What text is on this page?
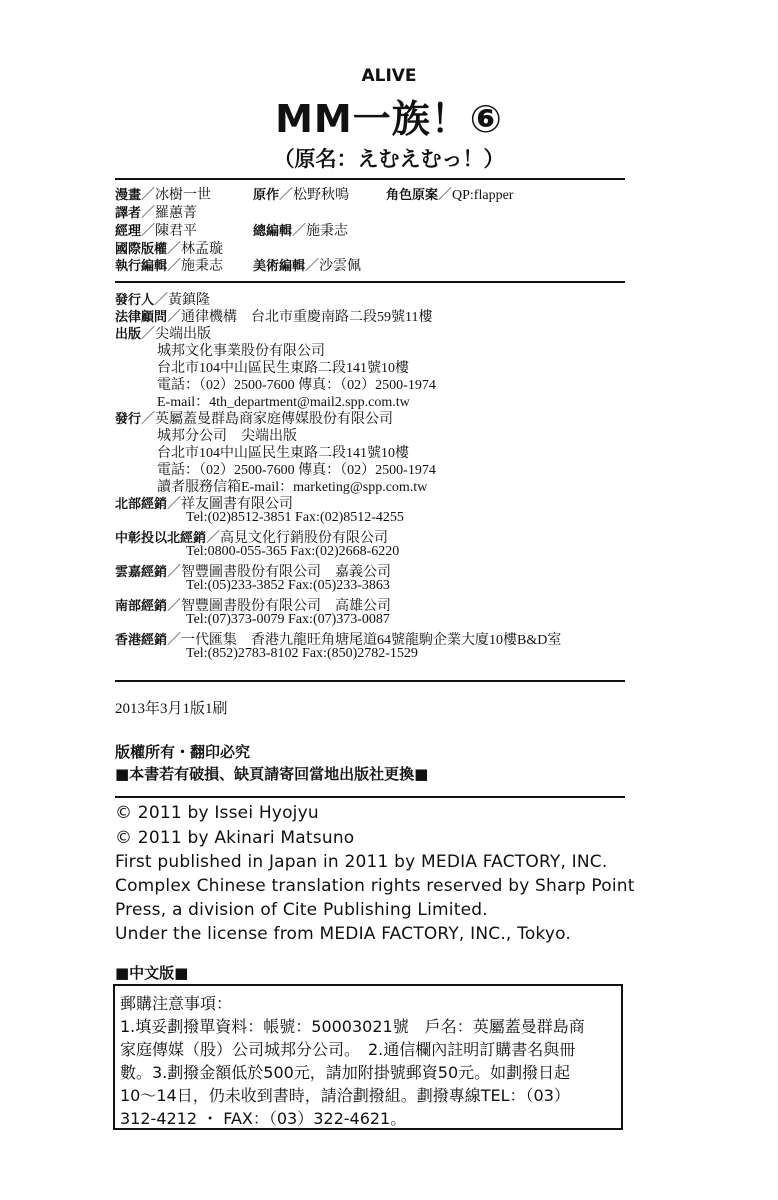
ALIVE
MM一族！⑥
（原名：えむえむっ！）
漫畫／冰樹一世	原作／松野秋鳴	角色原案／QP:flapper
譯者／羅蕙菁
經理／陳君平	總編輯／施秉志
國際版權／林孟璇
執行編輯／施秉志 美術編輯／沙雲佩
發行人／黃鎮隆
法律顧問／通律機構　台北市重慶南路二段59號11樓
出版／尖端出版
城邦文化事業股份有限公司
台北市104中山區民生東路二段141號10樓
電話：（02）2500-7600 傳真：（02）2500-1974
E-mail：4th_department@mail2.spp.com.tw
發行／英屬蓋曼群島商家庭傳媒股份有限公司
城邦分公司　尖端出版
台北市104中山區民生東路二段141號10樓
電話：（02）2500-7600 傳真：（02）2500-1974
讀者服務信箱E-mail：marketing@spp.com.tw
北部經銷／祥友圖書有限公司
Tel:(02)8512-3851 Fax:(02)8512-4255
中彰投以北經銷／高見文化行銷股份有限公司
Tel:0800-055-365 Fax:(02)2668-6220
雲嘉經銷／智豐圖書股份有限公司　嘉義公司
Tel:(05)233-3852 Fax:(05)233-3863
南部經銷／智豐圖書股份有限公司　高雄公司
Tel:(07)373-0079 Fax:(07)373-0087
香港經銷／一代匯集　香港九龍旺角塘尾道64號龍駒企業大廈10樓B&D室
Tel:(852)2783-8102 Fax:(850)2782-1529
2013年3月1版1刷
版權所有・翻印必究
■本書若有破損、缺頁請寄回當地出版社更換■
© 2011 by Issei Hyojyu
© 2011 by Akinari Matsuno
First published in Japan in 2011 by MEDIA FACTORY, INC.
Complex Chinese translation rights reserved by Sharp Point
Press, a division of Cite Publishing Limited.
Under the license from MEDIA FACTORY, INC., Tokyo.
■中文版■
郵購注意事項：
1.填妥劃撥單資料：帳號：50003021號　戶名：英屬蓋曼群島商
家庭傳媒（股）公司城邦分公司。　2.通信欄內註明訂購書名與冊
數。3.劃撥金額低於500元，請加附掛號郵資50元。如劃撥日起
10～14日，仍未收到書時，請洽劃撥組。劃撥專線TEL：（03）
312-4212 ・ FAX：（03）322-4621。
